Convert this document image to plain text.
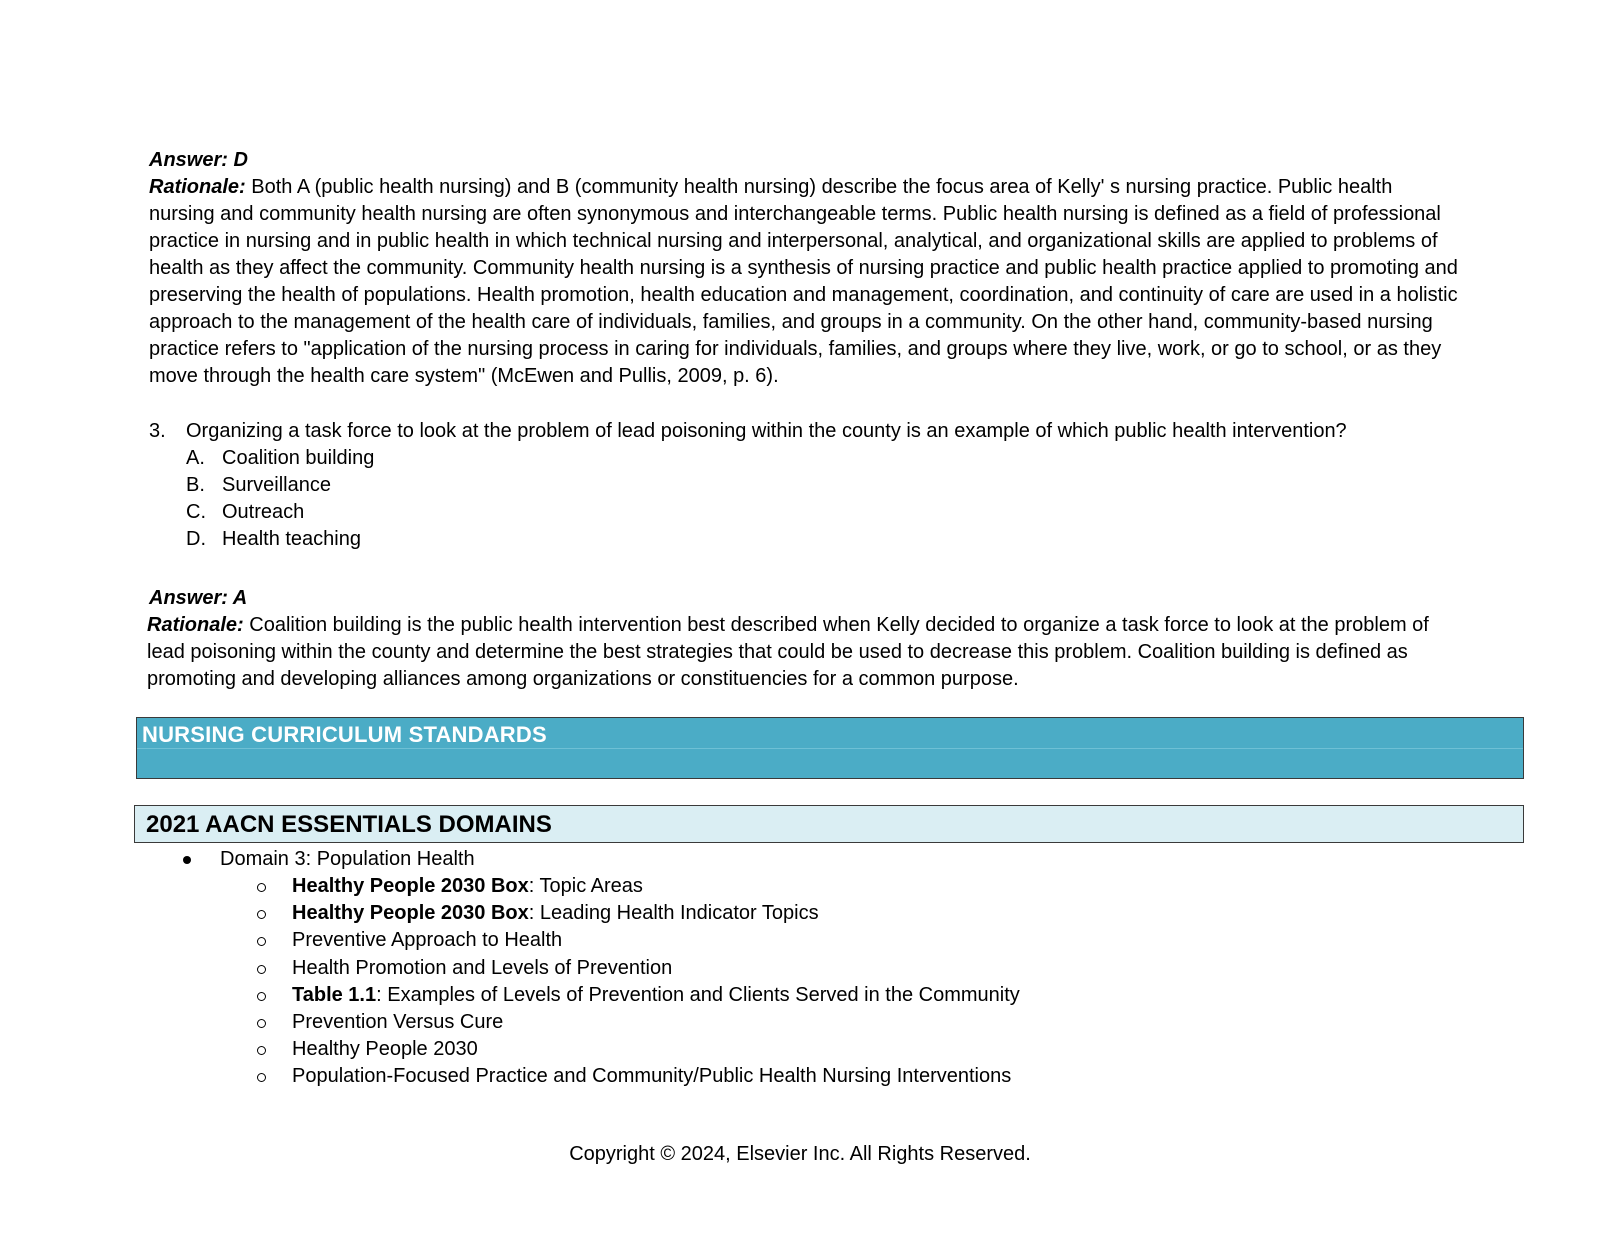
Answer: D
Rationale: Both A (public health nursing) and B (community health nursing) describe the focus area of Kelly' s nursing practice. Public health nursing and community health nursing are often synonymous and interchangeable terms. Public health nursing is defined as a field of professional practice in nursing and in public health in which technical nursing and interpersonal, analytical, and organizational skills are applied to problems of health as they affect the community. Community health nursing is a synthesis of nursing practice and public health practice applied to promoting and preserving the health of populations. Health promotion, health education and management, coordination, and continuity of care are used in a holistic approach to the management of the health care of individuals, families, and groups in a community. On the other hand, community-based nursing practice refers to "application of the nursing process in caring for individuals, families, and groups where they live, work, or go to school, or as they move through the health care system" (McEwen and Pullis, 2009, p. 6).
3.	Organizing a task force to look at the problem of lead poisoning within the county is an example of which public health intervention?
A. Coalition building
B. Surveillance
C. Outreach
D. Health teaching
Answer: A
Rationale: Coalition building is the public health intervention best described when Kelly decided to organize a task force to look at the problem of lead poisoning within the county and determine the best strategies that could be used to decrease this problem. Coalition building is defined as promoting and developing alliances among organizations or constituencies for a common purpose.
NURSING CURRICULUM STANDARDS
2021 AACN ESSENTIALS DOMAINS
Domain 3: Population Health
Healthy People 2030 Box: Topic Areas
Healthy People 2030 Box: Leading Health Indicator Topics
Preventive Approach to Health
Health Promotion and Levels of Prevention
Table 1.1: Examples of Levels of Prevention and Clients Served in the Community
Prevention Versus Cure
Healthy People 2030
Population-Focused Practice and Community/Public Health Nursing Interventions
Copyright © 2024, Elsevier Inc. All Rights Reserved.
